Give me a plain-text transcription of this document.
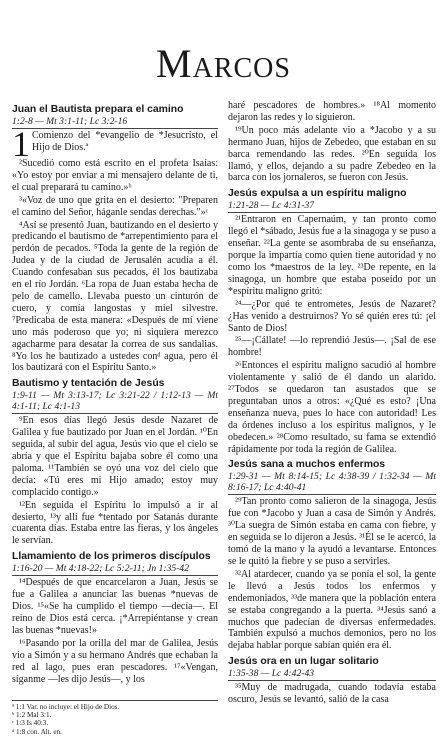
Marcos
Juan el Bautista prepara el camino
1:2-8 — Mt 3:1-11; Lc 3:2-16
1 Comienzo del *evangelio de *Jesucristo, el Hijo de Dios.ª

²Sucedió como está escrito en el profeta Isaías: «Yo estoy por enviar a mi mensajero delante de ti, el cual preparará tu camino.»ᵇ

³«Voz de uno que grita en el desierto: "Preparen el camino del Señor, háganle sendas derechas."»ᶜ

⁴Así se presentó Juan, bautizando en el desierto y predicando el bautismo de *arrepentimiento para el perdón de pecados. ⁵Toda la gente de la región de Judea y de la ciudad de Jerusalén acudía a él. Cuando confesaban sus pecados, él los bautizaba en el río Jordán. ⁶La ropa de Juan estaba hecha de pelo de camello. Llevaba puesto un cinturón de cuero, y comía langostas y miel silvestre. ⁷Predicaba de esta manera: «Después de mí viene uno más poderoso que yo; ni siquiera merezco agacharme para desatar la correa de sus sandalias. ⁸Yo los he bautizado a ustedes conᵈ agua, pero él los bautizará con el Espíritu Santo.»

Bautismo y tentación de Jesús
1:9-11 — Mt 3:13-17; Lc 3:21-22 / 1:12-13 — Mt 4:1-11; Lc 4:1-13

⁹En esos días llegó Jesús desde Nazaret de Galilea y fue bautizado por Juan en el Jordán. ¹⁰En seguida, al subir del agua, Jesús vio que el cielo se abría y que el Espíritu bajaba sobre él como una paloma. ¹¹También se oyó una voz del cielo que decía: «Tú eres mi Hijo amado; estoy muy complacido contigo.»

¹²En seguida el Espíritu lo impulsó a ir al desierto, ¹³y allí fue *tentado por Satanás durante cuarenta días. Estaba entre las fieras, y los ángeles le servían.

Llamamiento de los primeros discípulos
1:16-20 — Mt 4:18-22; Lc 5:2-11; Jn 1:35-42

¹⁴Después de que encarcelaron a Juan, Jesús se fue a Galilea a anunciar las buenas *nuevas de Dios. ¹⁵«Se ha cumplido el tiempo —decía—. El reino de Dios está cerca. ¡*Arrepiéntanse y crean las buenas *nuevas!»

¹⁶Pasando por la orilla del mar de Galilea, Jesús vio a Simón y a su hermano Andrés que echaban la red al lago, pues eran pescadores. ¹⁷«Vengan, síganme —les dijo Jesús—, y los

haré pescadores de hombres.» ¹⁸Al momento dejaron las redes y lo siguieron.

¹⁹Un poco más adelante vio a *Jacobo y a su hermano Juan, hijos de Zebedeo, que estaban en su barca remendando las redes. ²⁰En seguida los llamó, y ellos, dejando a su padre Zebedeo en la barca con los jornaleros, se fueron con Jesús.

Jesús expulsa a un espíritu maligno
1:21-28 — Lc 4:31-37

²¹Entraron en Capernaúm, y tan pronto como llegó el *sábado, Jesús fue a la sinagoga y se puso a enseñar. ²²La gente se asombraba de su enseñanza, porque la impartía como quien tiene autoridad y no como los *maestros de la ley. ²³De repente, en la sinagoga, un hombre que estaba poseído por un *espíritu maligno gritó:

²⁴—¿Por qué te entrometes, Jesús de Nazaret? ¿Has venido a destruirnos? Yo sé quién eres tú: ¡el Santo de Dios!

²⁵—¡Cállate! —lo reprendió Jesús—. ¡Sal de ese hombre!

²⁶Entonces el espíritu maligno sacudió al hombre violentamente y salió de él dando un alarido. ²⁷Todos se quedaron tan asustados que se preguntaban unos a otros: «¿Qué es esto? ¡Una enseñanza nueva, pues lo hace con autoridad! Les da órdenes incluso a los espíritus malignos, y le obedecen.» ²⁸Como resultado, su fama se extendió rápidamente por toda la región de Galilea.

Jesús sana a muchos enfermos
1:29-31 — Mt 8:14-15; Lc 4:38-39 / 1:32-34 — Mt 8:16-17; Lc 4:40-41

²⁹Tan pronto como salieron de la sinagoga, Jesús fue con *Jacobo y Juan a casa de Simón y Andrés. ³⁰La suegra de Simón estaba en cama con fiebre, y en seguida se lo dijeron a Jesús. ³¹Él se le acercó, la tomó de la mano y la ayudó a levantarse. Entonces se le quitó la fiebre y se puso a servirles.

³²Al atardecer, cuando ya se ponía el sol, la gente le llevó a Jesús todos los enfermos y endemoniados, ³³de manera que la población entera se estaba congregando a la puerta. ³⁴Jesús sanó a muchos que padecían de diversas enfermedades. También expulsó a muchos demonios, pero no los dejaba hablar porque sabían quién era él.

Jesús ora en un lugar solitario
1:35-38 — Lc 4:42-43

³⁵Muy de madrugada, cuando todavía estaba oscuro, Jesús se levantó, salió de la casa

ª 1:1 Var. no incluye: el Hijo de Dios.
ᵇ 1:2 Mal 3:1.
ᶜ 1:3 Is 40:3.
ᵈ 1:8 con. Alt. en.
